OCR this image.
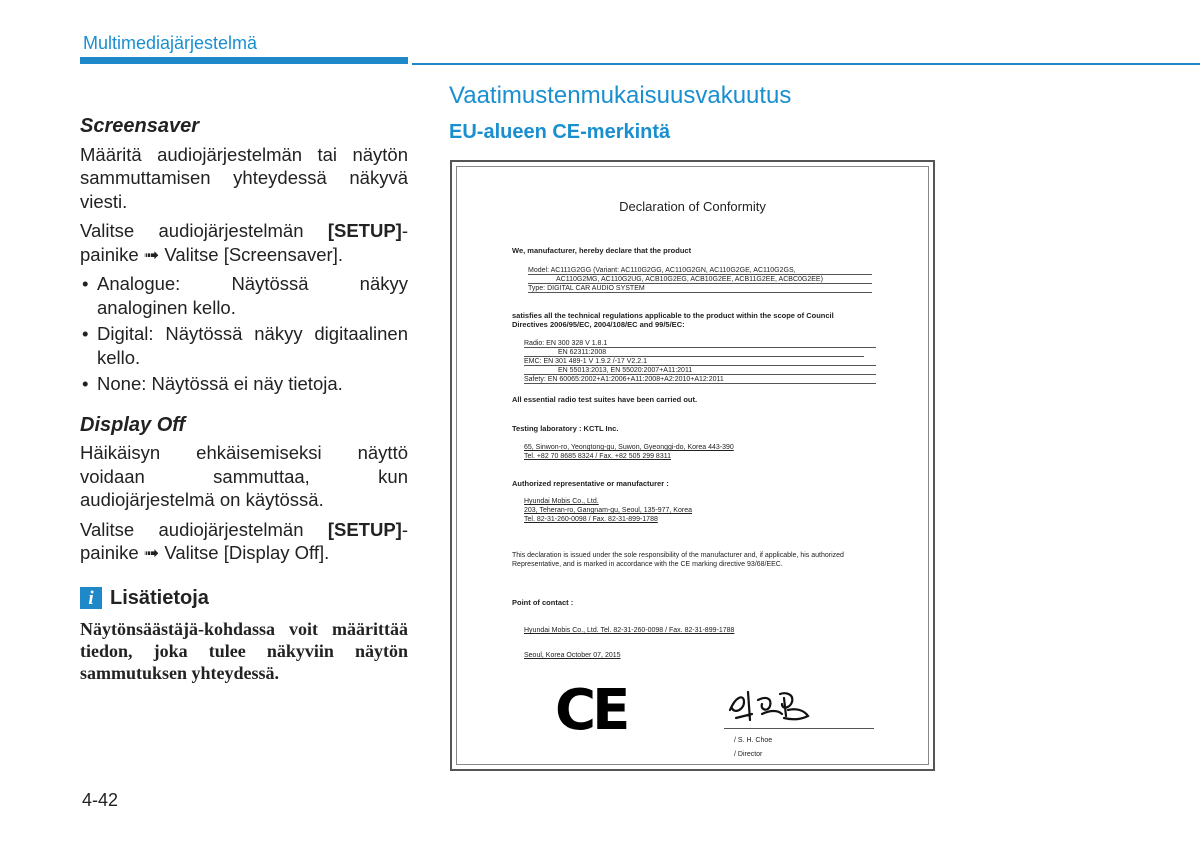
Multimediajärjestelmä
Screensaver

Määritä audiojärjestelmän tai näytön sammuttamisen yhteydessä näkyvä viesti.

Valitse audiojärjestelmän [SETUP]-painike ➟ Valitse [Screensaver].

• Analogue: Näytössä näkyy analoginen kello.
• Digital: Näytössä näkyy digitaalinen kello.
• None: Näytössä ei näy tietoja.
Display Off

Häikäisyn ehkäisemiseksi näyttö voidaan sammuttaa, kun audiojärjestelmä on käytössä.

Valitse audiojärjestelmän [SETUP]-painike ➟ Valitse [Display Off].

i Lisätietoja
Näytönsäästäjä-kohdassa voit määrittää tiedon, joka tulee näkyviin näytön sammutuksen yhteydessä.
4-42
Vaatimustenmukaisuusvakuutus
EU-alueen CE-merkintä
Declaration of Conformity
We, manufacturer, hereby declare that the product
Model: AC111G2GG (Variant: AC110G2GG, AC110G2GN, AC110G2GE, AC110G2GS,
AC110G2MG, AC110G2UG, ACB10G2EG, ACB10G2EE, ACB11G2EE, ACBC0G2EE)
Type: DIGITAL CAR AUDIO SYSTEM
satisfies all the technical regulations applicable to the product within the scope of Council
Directives 2006/95/EC, 2004/108/EC and 99/5/EC:
Radio: EN 300 328 V 1.8.1
EN 62311:2008
EMC: EN 301 489-1 V 1.9.2 /-17 V2.2.1
EN 55013:2013, EN 55020:2007+A11:2011
Safety: EN 60065:2002+A1:2006+A11:2008+A2:2010+A12:2011
All essential radio test suites have been carried out.
Testing laboratory : KCTL Inc.
65, Sinwon-ro, Yeongtong-gu, Suwon, Gyeonggi-do, Korea 443-390
Tel. +82 70 8685 8324 / Fax. +82 505 299 8311
Authorized representative or manufacturer :
Hyundai Mobis Co., Ltd.
203, Teheran-ro, Gangnam-gu, Seoul, 135-977, Korea
Tel. 82-31-260-0098 / Fax. 82-31-899-1788
This declaration is issued under the sole responsibility of the manufacturer and, if applicable, his authorized
Representative, and is marked in accordance with the CE marking directive 93/68/EEC.
Point of contact :
Hyundai Mobis Co., Ltd. Tel. 82-31-260-0098 / Fax. 82-31-899-1788
Seoul, Korea October 07, 2015
CE	/ S. H. Choe
/ Director
